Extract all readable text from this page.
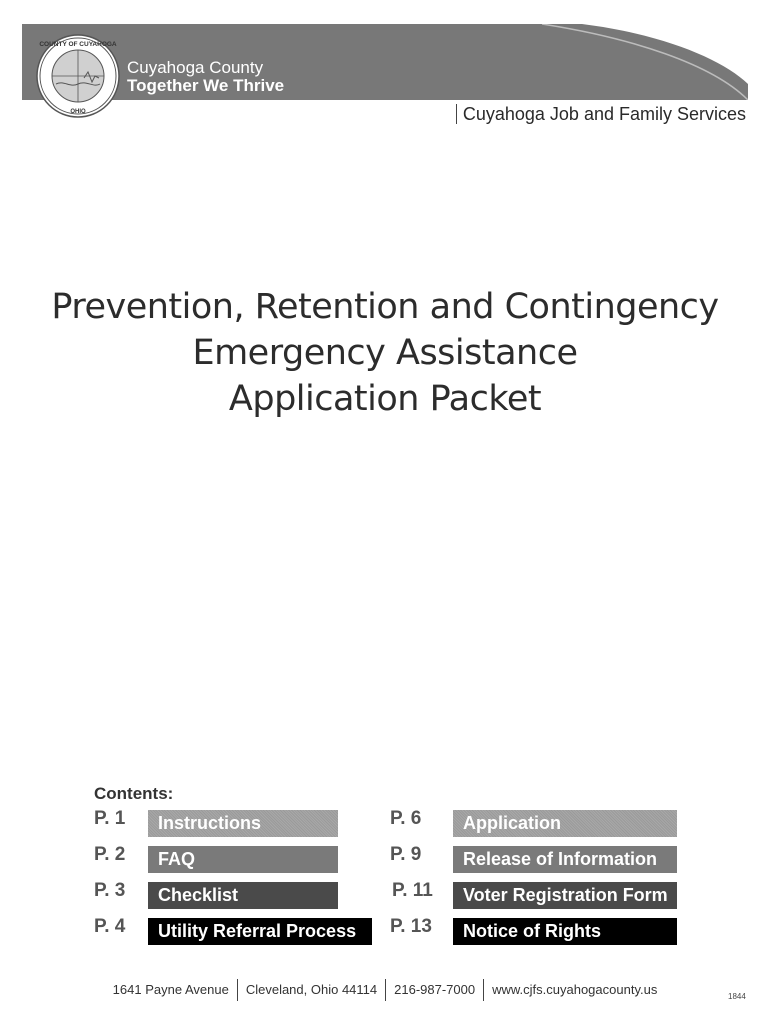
COUNTY OF CUYAHOGA
OHIO
Cuyahoga County
Together We Thrive
Cuyahoga Job and Family Services
Prevention, Retention and Contingency
Emergency Assistance
Application Packet
Contents:
P. 1	Instructions
P. 2	FAQ
P. 3	Checklist
P. 4	Utility Referral Process
P. 6	Application
P. 9	Release of Information
P. 11	Voter Registration Form
P. 13	Notice of Rights
1641 Payne Avenue	Cleveland, Ohio 44114	216-987-7000	www.cjfs.cuyahogacounty.us	1844
